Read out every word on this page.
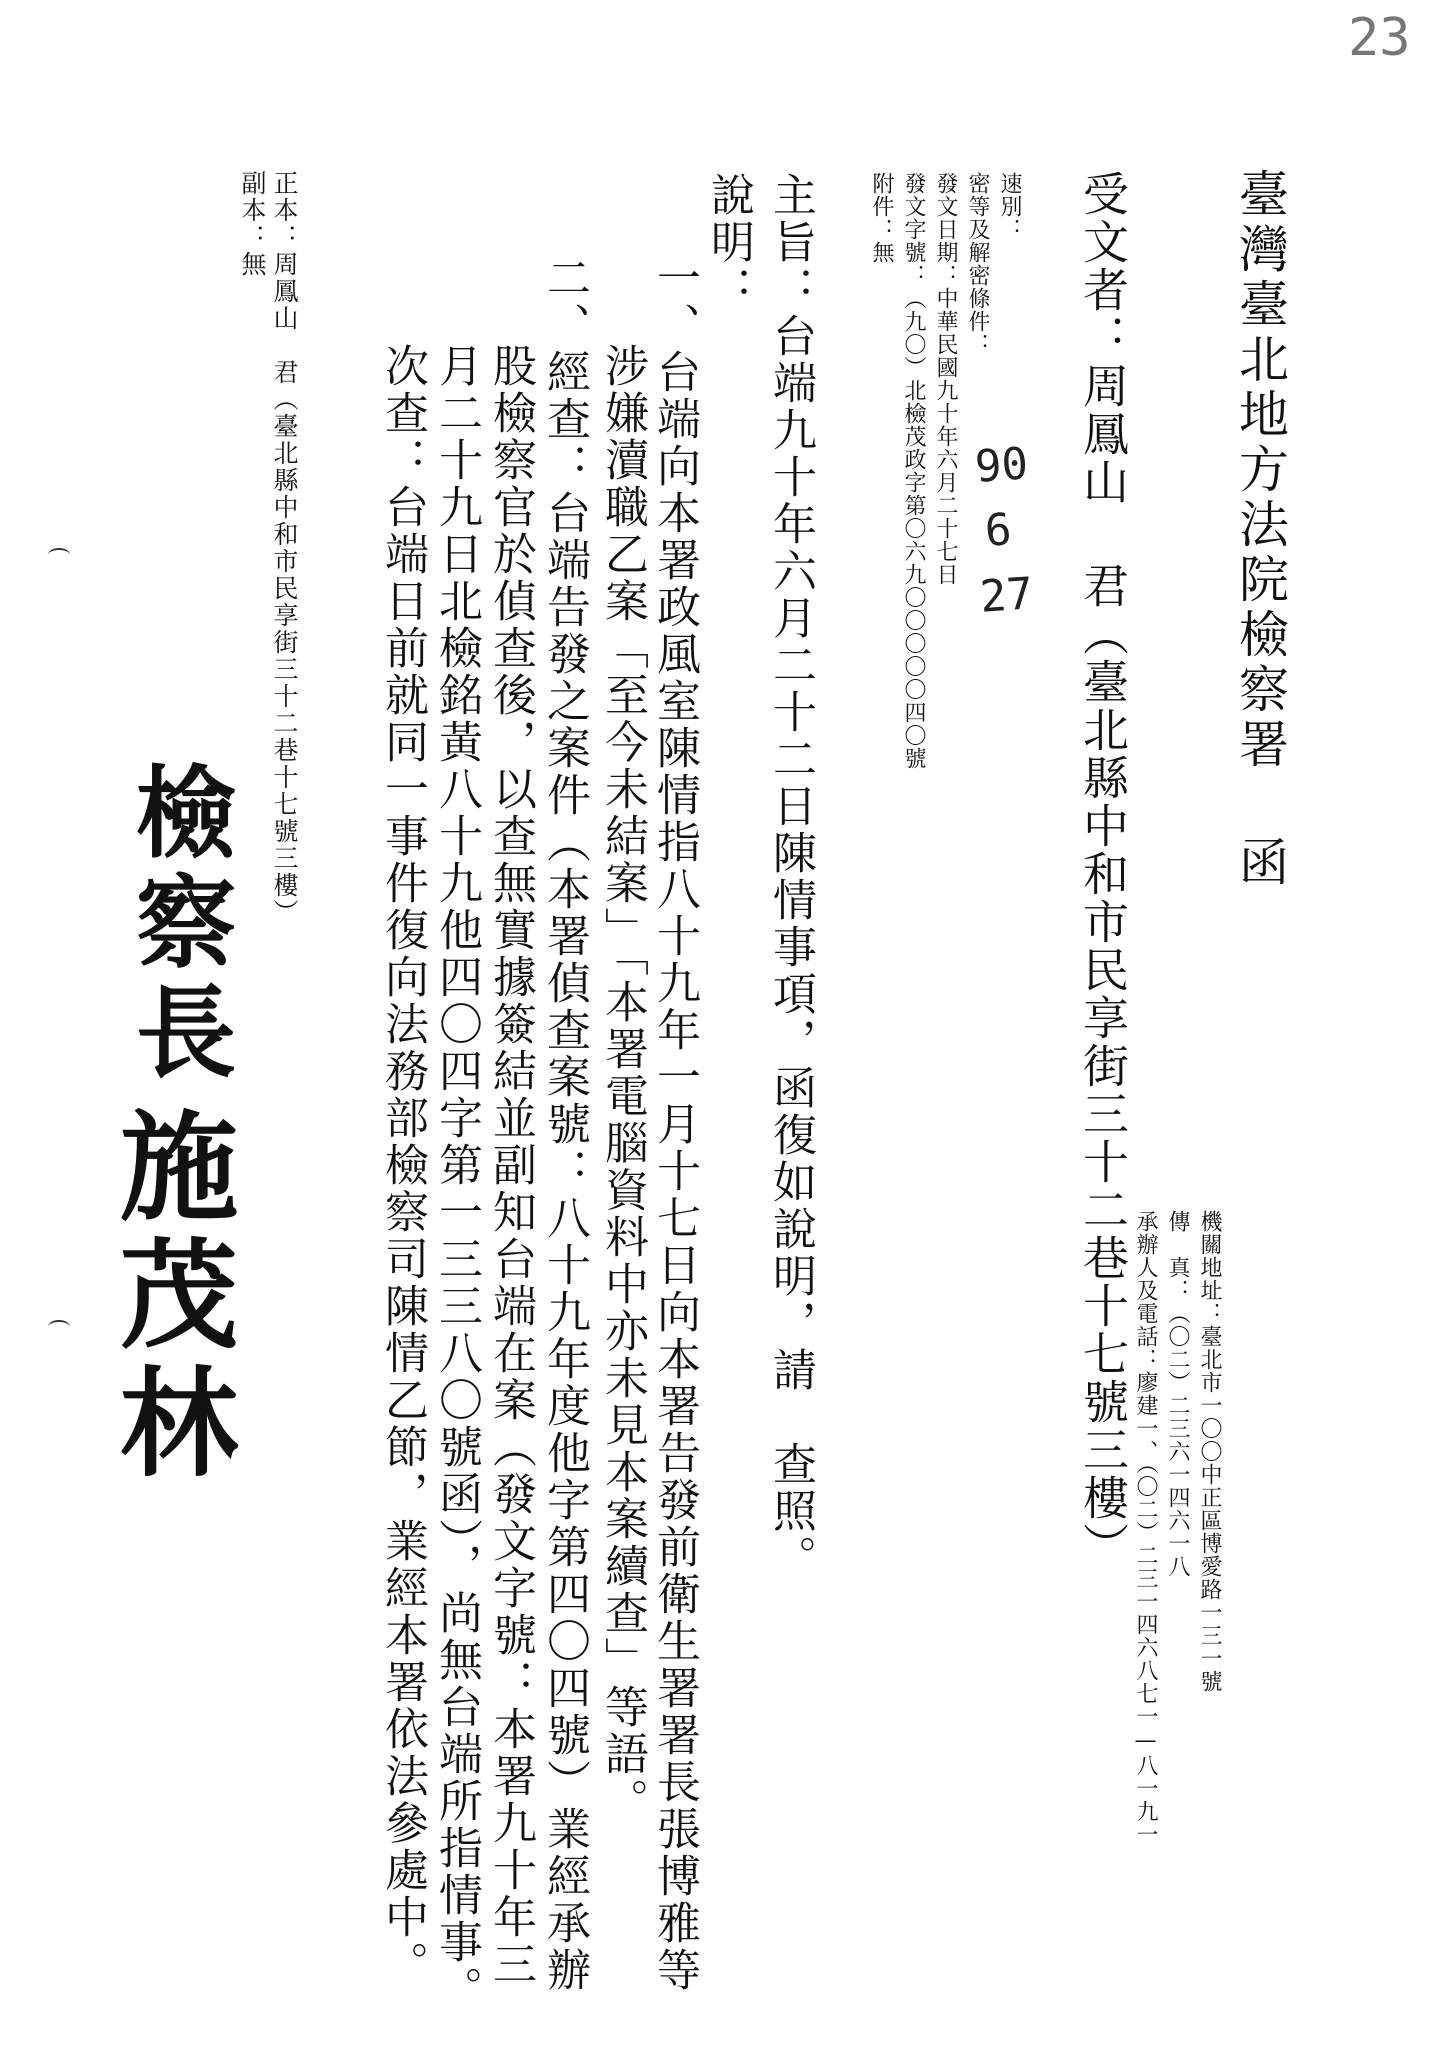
23
臺灣臺北地方法院檢察署 函
受文者：周鳳山 君（臺北縣中和市民享街三十二巷十七號三樓）	機關地址：臺北市一〇〇中正區博愛路一三一號
傳　真：（〇二）二三六一四六一八
承辦人及電話：廖建一、（〇二）二三一四六八七一—八一九一
速別：
密等及解密條件：
發文日期：中華民國九十年六月二十七日
發文字號：（九〇）北檢茂政字第〇六九〇〇〇〇〇四〇號
附件：無
90
6
27
主旨：台端九十年六月二十二日陳情事項，函復如說明，請　查照。
說明：
一、台端向本署政風室陳情指八十九年一月十七日向本署告發前衛生署署長張博雅等
涉嫌瀆職乙案「至今未結案」「本署電腦資料中亦未見本案續查」等語。
二、經查：台端告發之案件（本署偵查案號：八十九年度他字第四〇四號）業經承辦
股檢察官於偵查後，以查無實據簽結並副知台端在案（發文字號：本署九十年三
月二十九日北檢銘黃八十九他四〇四字第一三三八〇號函），尚無台端所指情事。
次查：台端日前就同一事件復向法務部檢察司陳情乙節，業經本署依法參處中。
正本：周鳳山　君（臺北縣中和市民享街三十二巷十七號三樓）
副本：無
檢察長
施茂林
